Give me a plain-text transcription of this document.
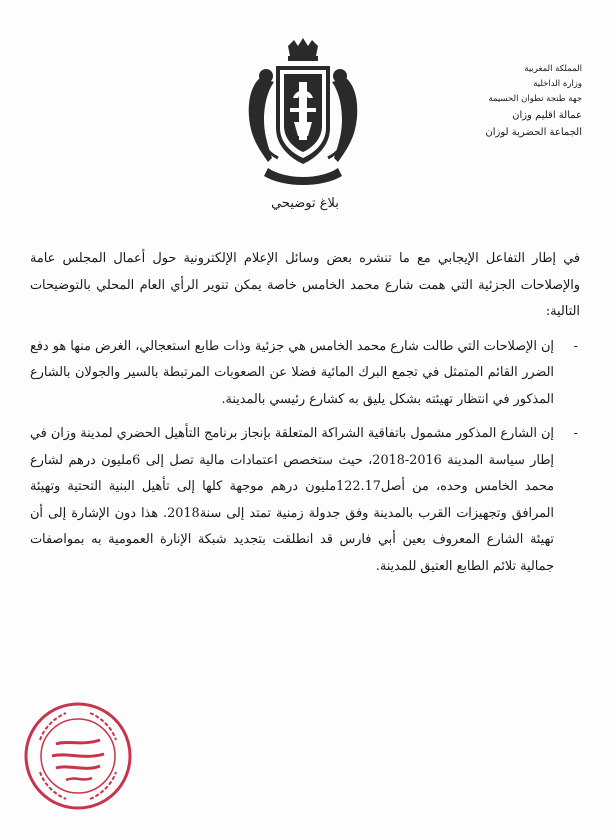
المملكة المغربية
وزارة الداخلية
جهة طنجة تطوان الحسيمة
عمالة اقليم وزان
الجماعة الحضرية لوزان
بلاغ توضيحي

في إطار التفاعل الإيجابي مع ما تنشره بعض وسائل الإعلام الإلكترونية حول أعمال المجلس عامة والإصلاحات الجزئية التي همت شارع محمد الخامس خاصة يمكن تنوير الرأي العام المحلي بالتوضيحات التالية:

-
إن الإصلاحات التي طالت شارع محمد الخامس هي جزئية وذات طابع استعجالي، الغرض منها هو دفع الضرر القائم المتمثل في تجمع البرك المائية فضلا عن الصعوبات المرتبطة بالسير والجولان بالشارع المذكور في انتظار تهيئته بشكل يليق به كشارع رئيسي بالمدينة.

-
إن الشارع المذكور مشمول باتفاقية الشراكة المتعلقة بإنجاز برنامج التأهيل الحضري لمدينة وزان في إطار سياسة المدينة 2016-2018، حيث ستخصص اعتمادات مالية تصل إلى 6مليون درهم لشارع محمد الخامس وحده، من أصل122.17مليون درهم موجهة كلها إلى تأهيل البنية التحتية وتهيئة المرافق وتجهيزات القرب بالمدينة وفق جدولة زمنية تمتد إلى سنة2018. هذا دون الإشارة إلى أن تهيئة الشارع المعروف بعين أبي فارس قد انطلقت بتجديد شبكة الإنارة العمومية به بمواصفات جمالية تلائم الطابع العتيق للمدينة.
